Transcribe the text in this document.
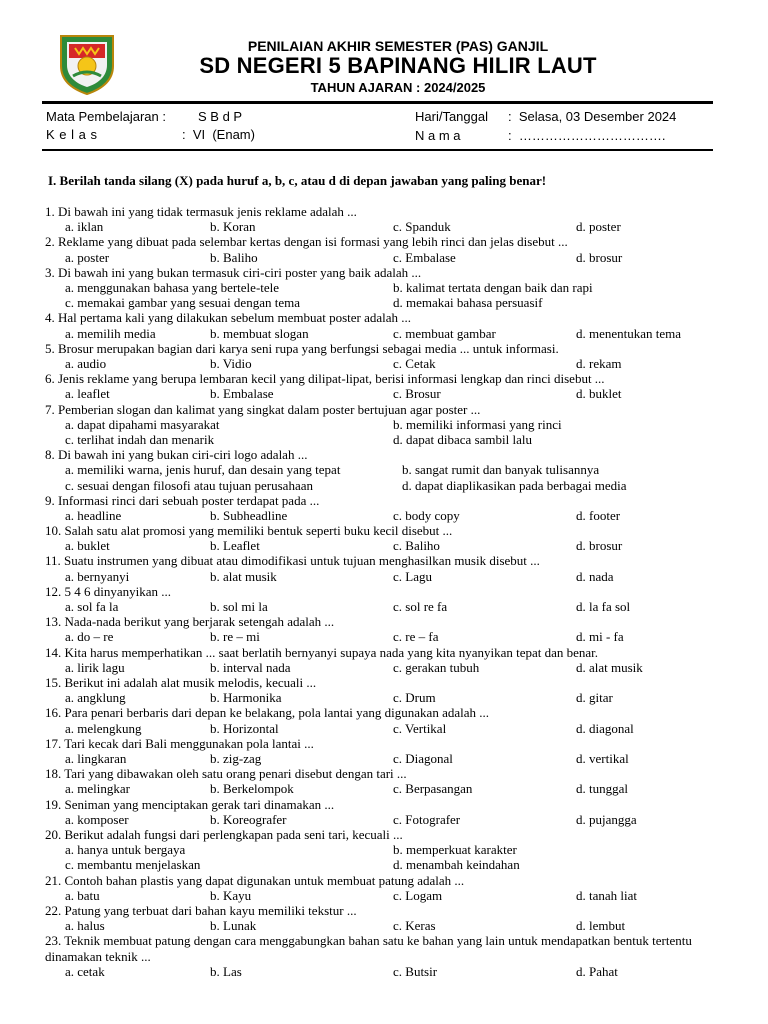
PENILAIAN AKHIR SEMESTER (PAS) GANJIL
SD NEGERI 5 BAPINANG HILIR LAUT
TAHUN AJARAN : 2024/2025
Mata Pembelajaran : S B d P
K e l a s	:  VI  (Enam)
Hari/Tanggal :  Selasa, 03 Desember 2024
N a m a	:  …………………………….
I. Berilah tanda silang (X) pada huruf a, b, c, atau d di depan jawaban yang paling benar!
1. Di bawah ini yang tidak termasuk jenis reklame adalah ...
a. iklan	b. Koran	c. Spanduk	d. poster
2. Reklame yang dibuat pada selembar kertas dengan isi formasi yang lebih rinci dan jelas disebut ...
a. poster	b. Baliho	c. Embalase	d. brosur
3. Di bawah ini yang bukan termasuk ciri-ciri poster yang baik adalah ...
a. menggunakan bahasa yang bertele-tele	b. kalimat tertata dengan baik dan rapi
c. memakai gambar yang sesuai dengan tema	d. memakai bahasa persuasif
4. Hal pertama kali yang dilakukan sebelum membuat poster adalah ...
a. memilih media	b. membuat slogan	c. membuat gambar	d. menentukan tema
5. Brosur merupakan bagian dari karya seni rupa yang berfungsi sebagai media ... untuk informasi.
a. audio	b. Vidio	c. Cetak	d. rekam
6. Jenis reklame yang berupa lembaran kecil yang dilipat-lipat, berisi informasi lengkap dan rinci disebut ...
a. leaflet	b. Embalase	c. Brosur	d. buklet
7. Pemberian slogan dan kalimat yang singkat dalam poster bertujuan agar poster ...
a. dapat dipahami masyarakat	b. memiliki informasi yang rinci
c. terlihat indah dan menarik	d. dapat dibaca sambil lalu
8. Di bawah ini yang bukan ciri-ciri logo adalah ...
a. memiliki warna, jenis huruf, dan desain yang tepat	b. sangat rumit dan banyak tulisannya
c. sesuai dengan filosofi atau tujuan perusahaan	d. dapat diaplikasikan pada berbagai media
9. Informasi rinci dari sebuah poster terdapat pada ...
a. headline	b. Subheadline	c. body copy	d. footer
10. Salah satu alat promosi yang memiliki bentuk seperti buku kecil disebut ...
a. buklet	b. Leaflet	c. Baliho	d. brosur
11. Suatu instrumen yang dibuat atau dimodifikasi untuk tujuan menghasilkan musik disebut ...
a. bernyanyi	b. alat musik	c. Lagu	d. nada
12. 5 4 6 dinyanyikan ...
a. sol fa la	b. sol mi la	c. sol re fa	d. la fa sol
13. Nada-nada berikut yang berjarak setengah adalah ...
a. do – re	b. re – mi	c. re – fa	d. mi - fa
14. Kita harus memperhatikan ... saat berlatih bernyanyi supaya nada yang kita nyanyikan tepat dan benar.
a. lirik lagu	b. interval nada	c. gerakan tubuh	d. alat musik
15. Berikut ini adalah alat musik melodis, kecuali ...
a. angklung	b. Harmonika	c. Drum	d. gitar
16. Para penari berbaris dari depan ke belakang, pola lantai yang digunakan adalah ...
a. melengkung	b. Horizontal	c. Vertikal	d. diagonal
17. Tari kecak dari Bali menggunakan pola lantai ...
a. lingkaran	b. zig-zag	c. Diagonal	d. vertikal
18. Tari yang dibawakan oleh satu orang penari disebut dengan tari ...
a. melingkar	b. Berkelompok	c. Berpasangan	d. tunggal
19. Seniman yang menciptakan gerak tari dinamakan ...
a. komposer	b. Koreografer	c. Fotografer	d. pujangga
20. Berikut adalah fungsi dari perlengkapan pada seni tari, kecuali ...
a. hanya untuk bergaya	b. memperkuat karakter
c. membantu menjelaskan	d. menambah keindahan
21. Contoh bahan plastis yang dapat digunakan untuk membuat patung adalah ...
a. batu	b. Kayu	c. Logam	d. tanah liat
22. Patung yang terbuat dari bahan kayu memiliki tekstur ...
a. halus	b. Lunak	c. Keras	d. lembut
23. Teknik membuat patung dengan cara menggabungkan bahan satu ke bahan yang lain untuk mendapatkan bentuk tertentu dinamakan teknik ...
a. cetak	b. Las	c. Butsir	d. Pahat
